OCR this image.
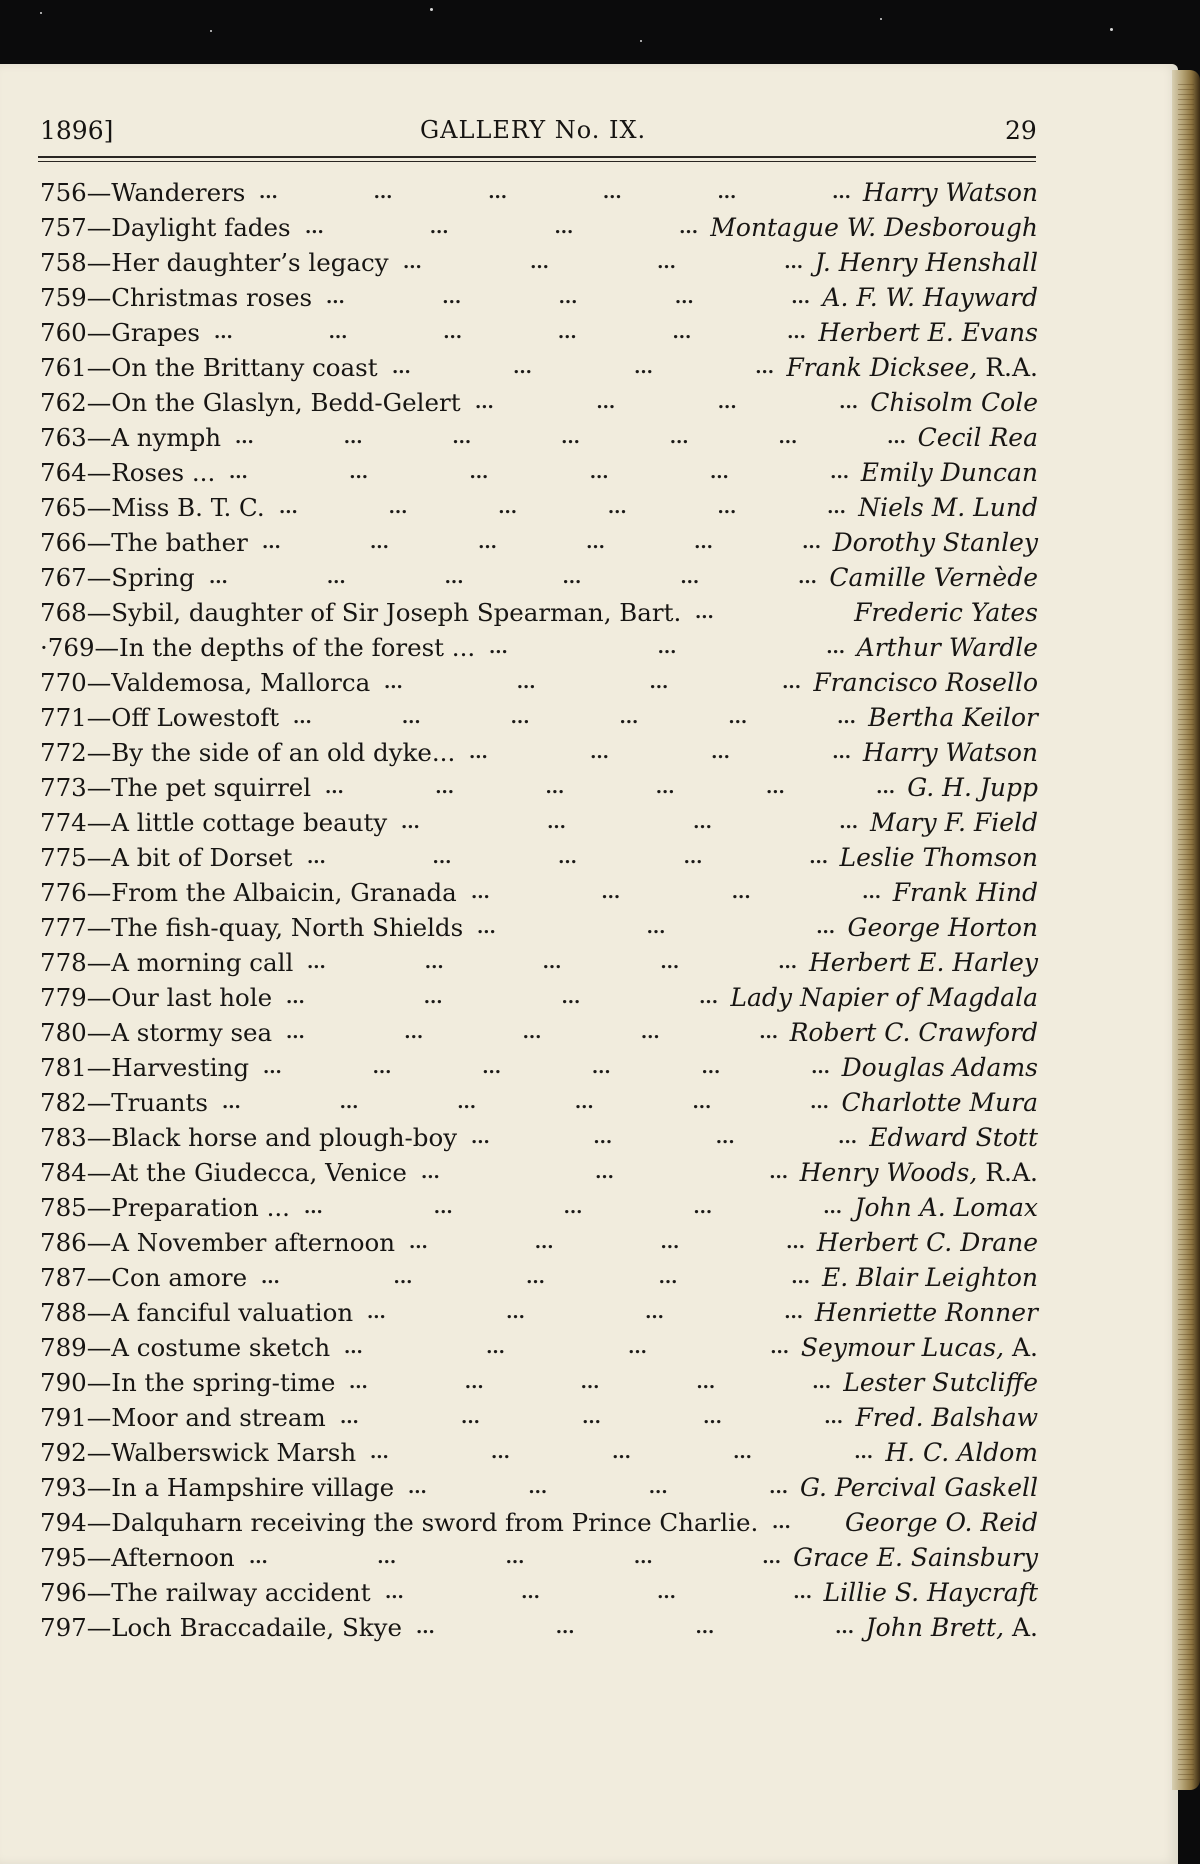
1896]	GALLERY No. IX.	29
756—Wanderers ...	...	...	...	...	... Harry Watson
757—Daylight fades ...	...	...	... Montague W. Desborough
758—Her daughter’s legacy ...	...	...	... J. Henry Henshall
759—Christmas roses ...	...	...	...	... A. F. W. Hayward
760—Grapes ...	...	...	...	...	... Herbert E. Evans
761—On the Brittany coast ...	...	...	... Frank Dicksee, R.A.
762—On the Glaslyn, Bedd-Gelert ...	...	...	... Chisolm Cole
763—A nymph ...	...	...	...	...	...	... Cecil Rea
764—Roses ... ...	...	...	...	...	... Emily Duncan
765—Miss B. T. C. ...	...	...	...	...	... Niels M. Lund
766—The bather ...	...	...	...	...	... Dorothy Stanley
767—Spring ...	...	...	...	...	... Camille Vernède
768—Sybil, daughter of Sir Joseph Spearman, Bart. ...	Frederic Yates
·769—In the depths of the forest ... ...	...	... Arthur Wardle
770—Valdemosa, Mallorca ...	...	...	... Francisco Rosello
771—Off Lowestoft ...	...	...	...	...	... Bertha Keilor
772—By the side of an old dyke... ...	...	...	... Harry Watson
773—The pet squirrel ...	...	...	...	...	... G. H. Jupp
774—A little cottage beauty ...	...	...	... Mary F. Field
775—A bit of Dorset ...	...	...	...	... Leslie Thomson
776—From the Albaicin, Granada ...	...	...	... Frank Hind
777—The fish-quay, North Shields ...	...	... George Horton
778—A morning call ...	...	...	...	... Herbert E. Harley
779—Our last hole ...	...	...	... Lady Napier of Magdala
780—A stormy sea ...	...	...	...	... Robert C. Crawford
781—Harvesting ...	...	...	...	...	... Douglas Adams
782—Truants ...	...	...	...	...	... Charlotte Mura
783—Black horse and plough-boy ...	...	...	... Edward Stott
784—At the Giudecca, Venice ...	...	... Henry Woods, R.A.
785—Preparation ... ...	...	...	...	... John A. Lomax
786—A November afternoon ...	...	...	... Herbert C. Drane
787—Con amore ...	...	...	...	... E. Blair Leighton
788—A fanciful valuation ...	...	...	... Henriette Ronner
789—A costume sketch ...	...	...	... Seymour Lucas, A.
790—In the spring-time ...	...	...	...	... Lester Sutcliffe
791—Moor and stream ...	...	...	...	... Fred. Balshaw
792—Walberswick Marsh ...	...	...	...	... H. C. Aldom
793—In a Hampshire village ...	...	...	... G. Percival Gaskell
794—Dalquharn receiving the sword from Prince Charlie. ... George O. Reid
795—Afternoon ...	...	...	...	... Grace E. Sainsbury
796—The railway accident ...	...	...	... Lillie S. Haycraft
797—Loch Braccadaile, Skye ...	...	...	... John Brett, A.
